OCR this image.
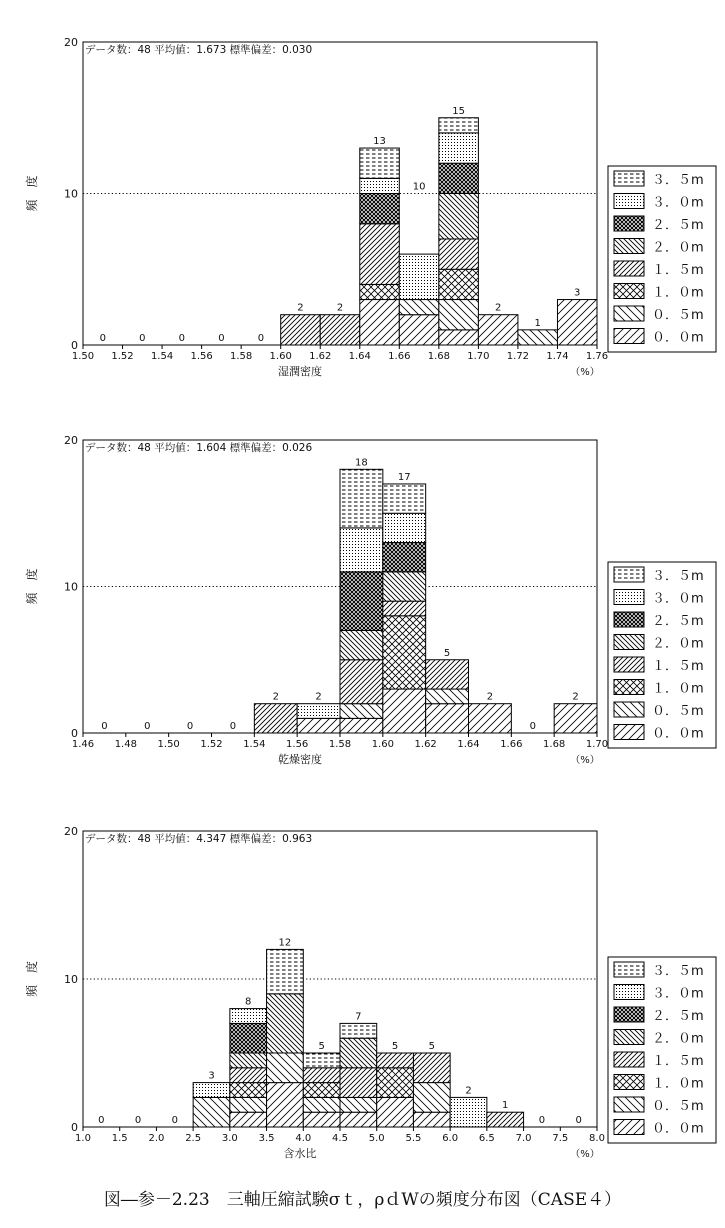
データ数：48 平均値：1.673 標準偏差：0.030
0
10
20
頻　度
1.50 1.52 1.54 1.56 1.58 1.60 1.62 1.64 1.66 1.68 1.70 1.72 1.74 1.76
湿潤密度	（%）
0	0	0	0	0
2	2
13
10
15
2
1
3
３．５m
３．０m
２．５m
２．０m
１．５m
１．０m
０．５m
０．０m
データ数：48 平均値：1.604 標準偏差：0.026
0
10
20
頻　度
1.46 1.48 1.50 1.52 1.54 1.56 1.58 1.60 1.62 1.64 1.66 1.68 1.70
乾燥密度	（%）
0	0	0	0
2	2
18
17
5
2
0
2
３．５m
３．０m
２．５m
２．０m
１．５m
１．０m
０．５m
０．０m
データ数：48 平均値：4.347 標準偏差：0.963
0
10
20
頻　度
1.0 1.5 2.0 2.5 3.0 3.5 4.0 4.5 5.0 5.5 6.0 6.5 7.0 7.5 8.0
含水比	（%）
0	0	0
3
8
12
5
7
5	5
2
1
0	0
３．５m
３．０m
２．５m
２．０m
１．５m
１．０m
０．５m
０．０m
図―参－2.23　三軸圧縮試験σｔ，ρｄWの頻度分布図（CASE４）
